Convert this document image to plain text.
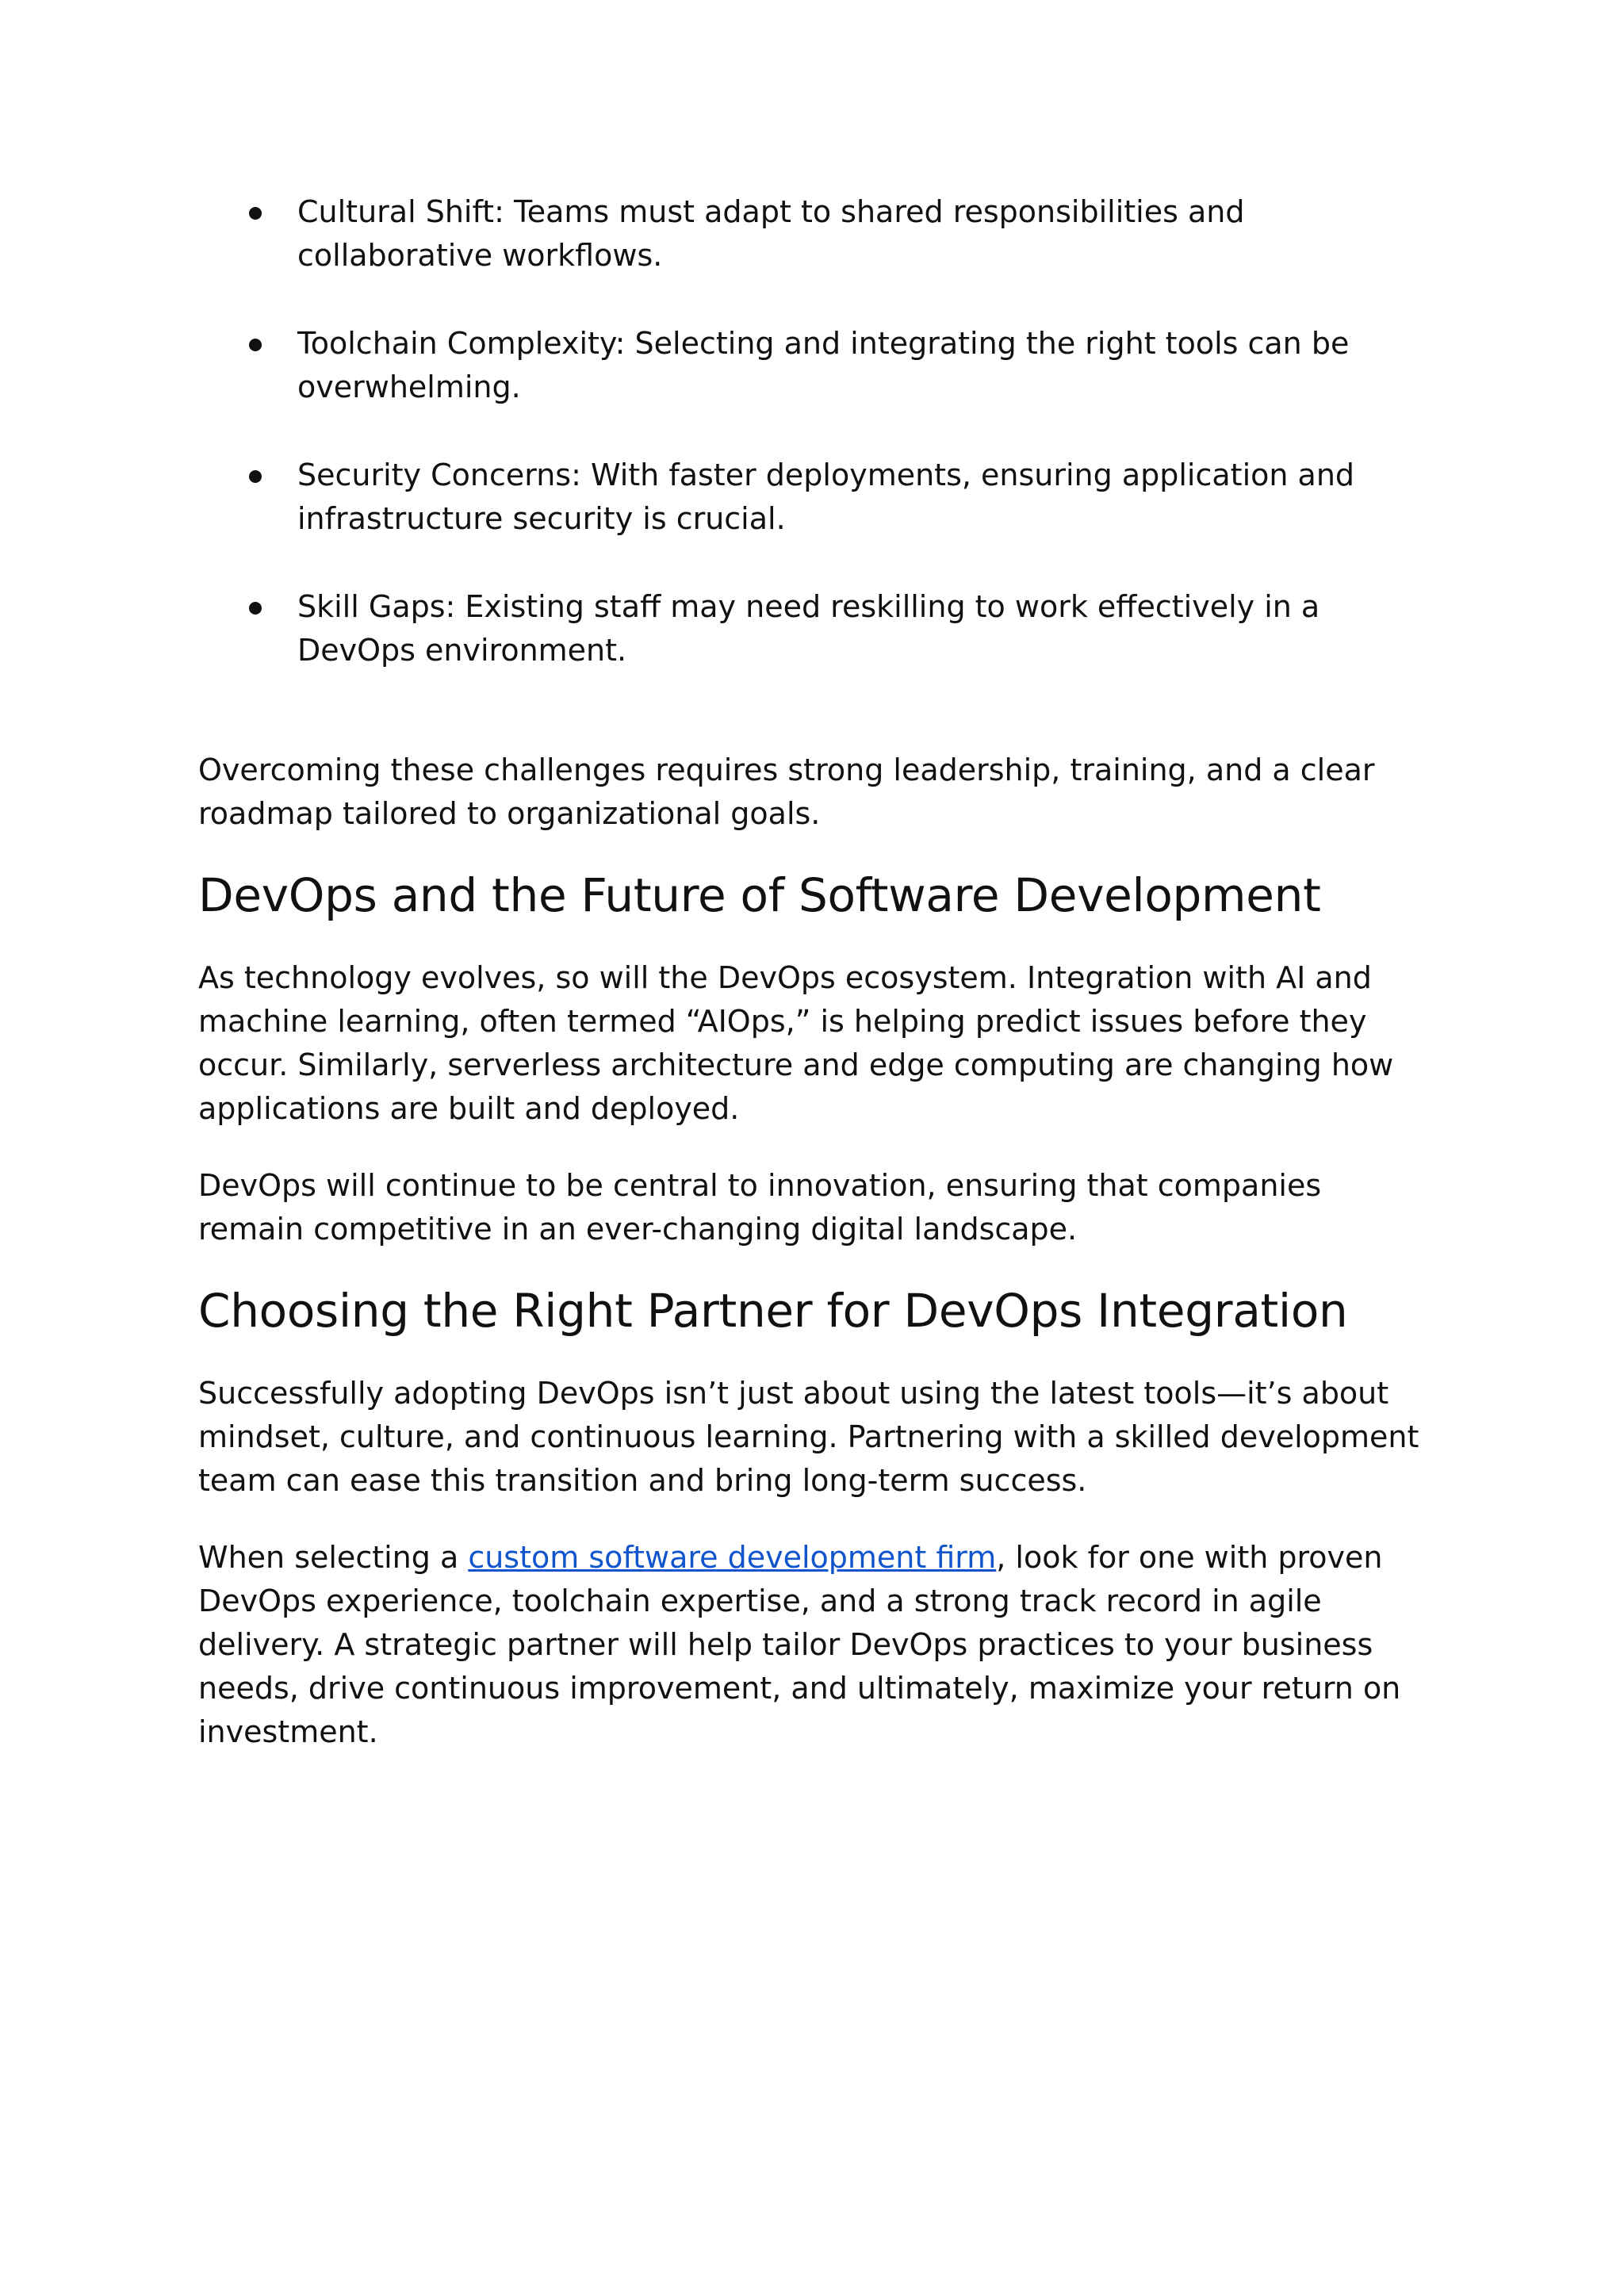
Cultural Shift: Teams must adapt to shared responsibilities and collaborative workflows.

Toolchain Complexity: Selecting and integrating the right tools can be overwhelming.

Security Concerns: With faster deployments, ensuring application and infrastructure security is crucial.

Skill Gaps: Existing staff may need reskilling to work effectively in a DevOps environment.

Overcoming these challenges requires strong leadership, training, and a clear roadmap tailored to organizational goals.

DevOps and the Future of Software Development

As technology evolves, so will the DevOps ecosystem. Integration with AI and machine learning, often termed “AIOps,” is helping predict issues before they occur. Similarly, serverless architecture and edge computing are changing how applications are built and deployed.

DevOps will continue to be central to innovation, ensuring that companies remain competitive in an ever-changing digital landscape.

Choosing the Right Partner for DevOps Integration

Successfully adopting DevOps isn’t just about using the latest tools—it’s about mindset, culture, and continuous learning. Partnering with a skilled development team can ease this transition and bring long-term success.

When selecting a custom software development firm, look for one with proven DevOps experience, toolchain expertise, and a strong track record in agile delivery. A strategic partner will help tailor DevOps practices to your business needs, drive continuous improvement, and ultimately, maximize your return on investment.
